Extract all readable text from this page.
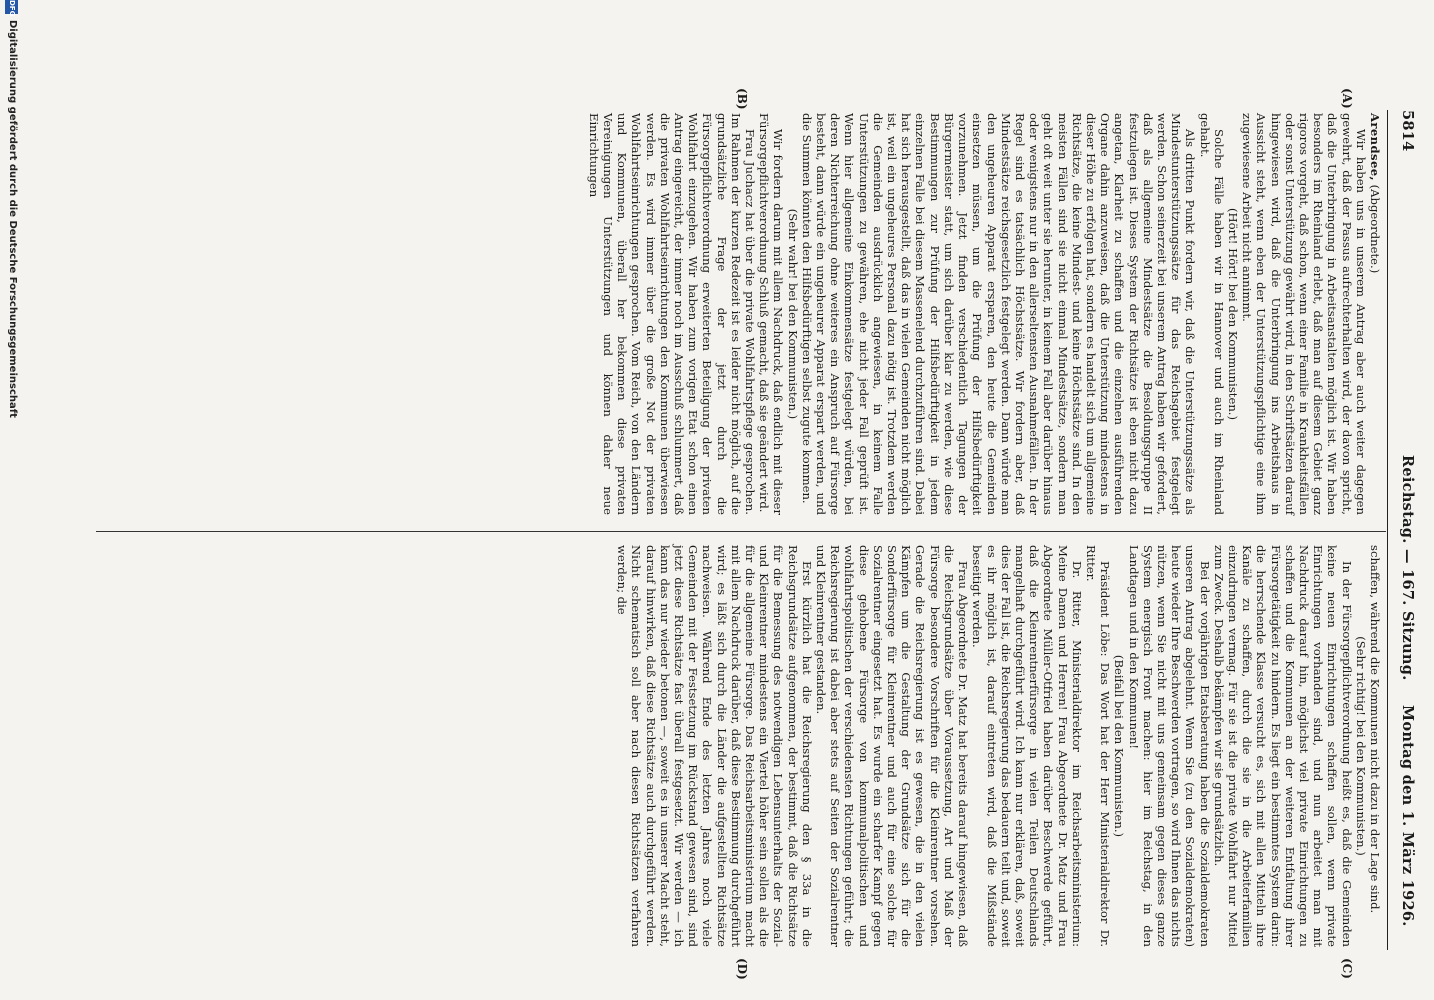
5814
Reichstag. — 167. Sitzung.
Montag den 1. März 1926.
(A)
(B)
(C)
(D)

Arendsee, (Abgeordnete.)

Wir haben uns in unserem Antrag aber auch weiter dagegen gewehrt, daß der Passus aufrechterhalten wird, der davon spricht, daß die Unterbringung in Arbeitsanstalten möglich ist. Wir haben besonders im Rheinland erlebt, daß man auf diesem Gebiet ganz rigoros vorgeht, daß schon, wenn einer Familie in Krankheitsfällen oder sonst Unterstützung gewährt wird, in den Schriftsätzen darauf hingewiesen wird, daß die Unterbringung ins Arbeitshaus in Aussicht steht, wenn eben der Unterstützungspflichtige eine ihm zugewiesene Arbeit nicht annimmt.

(Hört! Hört! bei den Kommunisten.)

Solche Fälle haben wir in Hannover und auch im Rheinland gehabt.

Als dritten Punkt fordern wir, daß die Unterstützungssätze als Mindestunterstützungssätze für das Reichsgebiet festgelegt werden. Schon seinerzeit bei unserem Antrag haben wir gefordert, daß als allgemeine Mindestsätze die Besoldungsgruppe II festzulegen ist. Dieses System der Richtsätze ist eben nicht dazu angetan, Klarheit zu schaffen und die einzelnen ausführenden Organe dahin anzuweisen, daß die Unterstützung mindestens in dieser Höhe zu erfolgen hat, sondern es handelt sich um allgemeine Richtsätze, die keine Mindest- und keine Höchstsätze sind. In den meisten Fällen sind sie nicht einmal Mindestsätze, sondern man geht oft weit unter sie herunter, in keinem Fall aber darüber hinaus oder wenigstens nur in den allerseltensten Ausnahmefällen. In der Regel sind es tatsächlich Höchstsätze. Wir fordern aber, daß Mindestsätze reichsgesetzlich festgelegt werden. Dann würde man den ungeheuren Apparat ersparen, den heute die Gemeinden einsetzen müssen, um die Prüfung der Hilfsbedürftigkeit vorzunehmen. Jetzt finden verschiedentlich Tagungen der Bürgermeister statt, um sich darüber klar zu werden, wie diese Bestimmungen zur Prüfung der Hilfsbedürftigkeit in jedem einzelnen Falle bei diesem Massenelend durchzuführen sind. Dabei hat sich herausgestellt, daß das in vielen Gemeinden nicht möglich ist, weil ein ungeheures Personal dazu nötig ist. Trotzdem werden die Gemeinden ausdrücklich angewiesen, in keinem Falle Unterstützungen zu gewähren, ehe nicht jeder Fall geprüft ist. Wenn hier allgemeine Einkommensätze festgelegt würden, bei deren Nichterreichung ohne weiteres ein Anspruch auf Fürsorge besteht, dann würde ein ungeheurer Apparat erspart werden, und die Summen könnten den Hilfsbedürftigen selbst zugute kommen.

(Sehr wahr! bei den Kommunisten.)

Wir fordern darum mit allem Nachdruck, daß endlich mit dieser Fürsorgepflichtverordnung Schluß gemacht, daß sie geändert wird.

Frau Juchacz hat über die private Wohlfahrtspflege gesprochen. Im Rahmen der kurzen Redezeit ist es leider nicht möglich, auf die grundsätzliche Frage der jetzt durch die Fürsorgepflichtverordnung erweiterten Beteiligung der privaten Wohlfahrt einzugehen. Wir haben zum vorigen Etat schon einen Antrag eingereicht, der immer noch im Ausschuß schlummert, daß die privaten Wohlfahrtseinrichtungen den Kommunen überwiesen werden. Es wird immer über die große Not der privaten Wohlfahrtseinrichtungen gesprochen. Vom Reich, von den Ländern und Kommunen, überall her bekommen diese privaten Vereinigungen Unterstützungen und können daher neue Einrichtungen

schaffen, während die Kommunen nicht dazu in der Lage sind.

(Sehr richtig! bei den Kommunisten.)

In der Fürsorgepflichtverordnung heißt es, daß die Gemeinden keine neuen Einrichtungen schaffen sollen, wenn private Einrichtungen vorhanden sind, und nun arbeitet man mit Nachdruck darauf hin, möglichst viel private Einrichtungen zu schaffen und die Kommunen an der weiteren Entfaltung ihrer Fürsorgetätigkeit zu hindern. Es liegt ein bestimmtes System darin: die herrschende Klasse versucht es, sich mit allen Mitteln ihre Kanäle zu schaffen, durch die sie in die Arbeiterfamilien einzudringen vermag. Für sie ist die private Wohlfahrt nur Mittel zum Zweck. Deshalb bekämpfen wir sie grundsätzlich.

Bei der vorjährigen Etatsberatung haben die Sozialdemokraten unseren Antrag abgelehnt. Wenn Sie (zu den Sozialdemokraten) heute wieder Ihre Beschwerden vortragen, so wird Ihnen das nichts nützen, wenn Sie nicht mit uns gemeinsam gegen dieses ganze System energisch Front machen: hier im Reichstag, in den Landtagen und in den Kommunen!

(Beifall bei den Kommunisten.)

Präsident Löbe: Das Wort hat der Herr Ministerialdirektor Dr. Ritter.

Dr. Ritter, Ministerialdirektor im Reichsarbeitsministerium: Meine Damen und Herren! Frau Abgeordnete Dr. Matz und Frau Abgeordnete Müller-Otfried haben darüber Beschwerde geführt, daß die Kleinrentnerfürsorge in vielen Teilen Deutschlands mangelhaft durchgeführt wird. Ich kann nur erklären, daß, soweit dies der Fall ist, die Reichsregierung das bedauern teilt und, soweit es ihr möglich ist, darauf eintreten wird, daß die Mißstände beseitigt werden.

Frau Abgeordnete Dr. Matz hat bereits darauf hingewiesen, daß die Reichsgrundsätze über Voraussetzung, Art und Maß der Fürsorge besondere Vorschriften für die Kleinrentner vorsehen. Gerade die Reichsregierung ist es gewesen, die in den vielen Kämpfen um die Gestaltung der Grundsätze sich für die Sonderfürsorge für Kleinrentner und auch für eine solche für Sozialrentner eingesetzt hat. Es wurde ein scharfer Kampf gegen diese gehobene Fürsorge von kommunalpolitischen und wohlfahrtspolitischen der verschiedensten Richtungen geführt; die Reichsregierung ist dabei aber stets auf Seiten der Sozialrentner und Kleinrentner gestanden.

Erst kürzlich hat die Reichsregierung den § 33a in die Reichsgrundsätze aufgenommen, der bestimmt, daß die Richtsätze für die Bemessung des notwendigen Lebensunterhalts der Sozial- und Kleinrentner mindestens ein Viertel höher sein sollen als die für die allgemeine Fürsorge. Das Reichsarbeitsministerium macht mit allem Nachdruck darüber, daß diese Bestimmung durchgeführt wird; es läßt sich durch die Länder die aufgestellten Richtsätze nachweisen. Während Ende des letzten Jahres noch viele Gemeinden mit der Festsetzung im Rückstand gewesen sind, sind jetzt diese Richtsätze fast überall festgesetzt. Wir werden — ich kann das nur wieder betonen —, soweit es in unserer Macht steht, darauf hinwirken, daß diese Richtsätze auch durchgeführt werden. Nicht schematisch soll aber nach diesen Richtsätzen verfahren werden; die

DFG
Digitalisierung gefördert durch die Deutsche Forschungsgemeinschaft
